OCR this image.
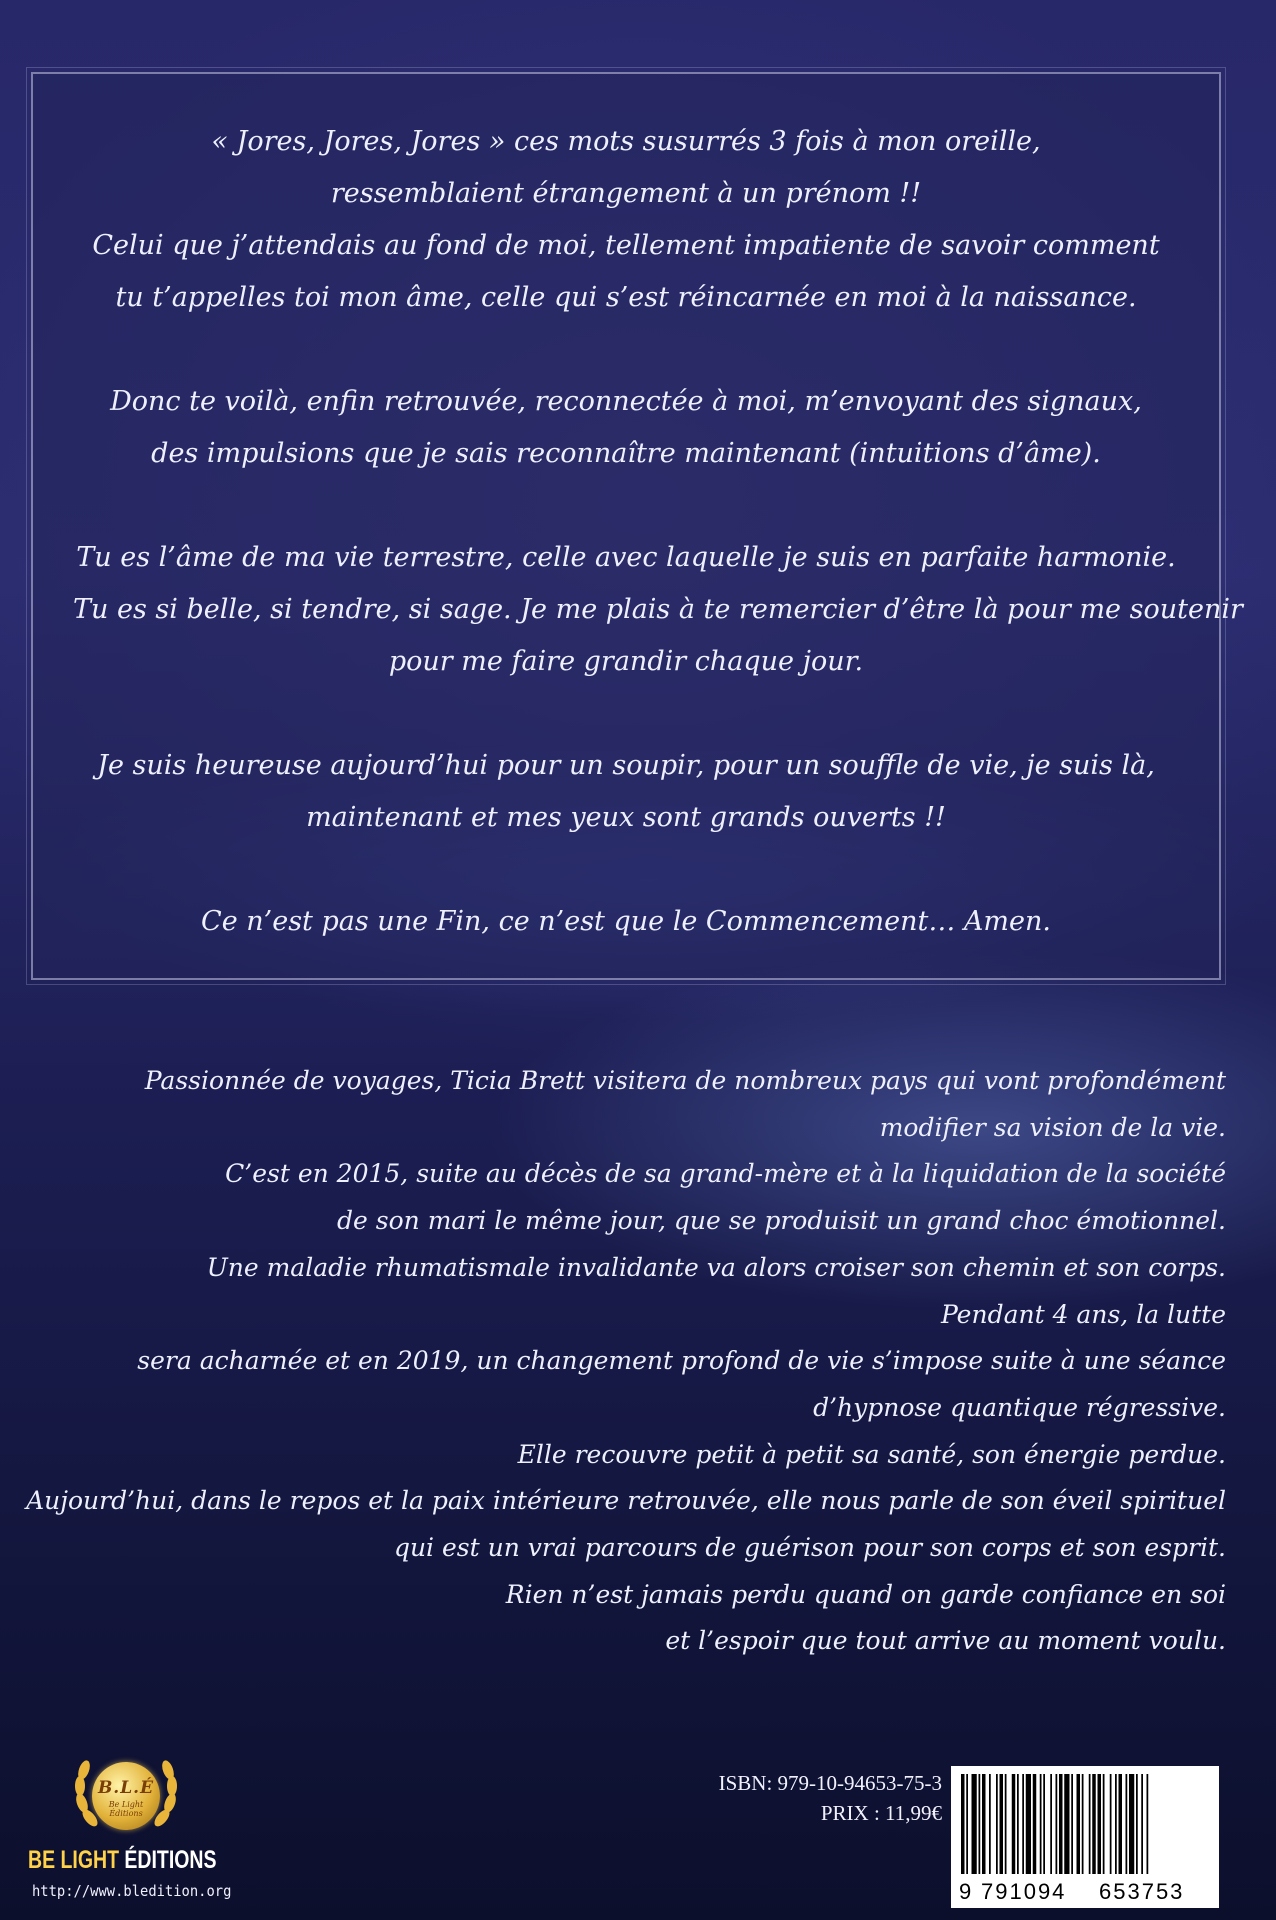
« Jores, Jores, Jores » ces mots susurrés 3 fois à mon oreille,
ressemblaient étrangement à un prénom !!
Celui que j’attendais au fond de moi, tellement impatiente de savoir comment
tu t’appelles toi mon âme, celle qui s’est réincarnée en moi à la naissance.

Donc te voilà, enfin retrouvée, reconnectée à moi, m’envoyant des signaux,
des impulsions que je sais reconnaître maintenant (intuitions d’âme).

Tu es l’âme de ma vie terrestre, celle avec laquelle je suis en parfaite harmonie.
Tu es si belle, si tendre, si sage. Je me plais à te remercier d’être là pour me soutenir
pour me faire grandir chaque jour.

Je suis heureuse aujourd’hui pour un soupir, pour un souffle de vie, je suis là,
maintenant et mes yeux sont grands ouverts !!

Ce n’est pas une Fin, ce n’est que le Commencement… Amen.

Passionnée de voyages, Ticia Brett visitera de nombreux pays qui vont profondément
modifier sa vision de la vie.
C’est en 2015, suite au décès de sa grand-mère et à la liquidation de la société
de son mari le même jour, que se produisit un grand choc émotionnel.
Une maladie rhumatismale invalidante va alors croiser son chemin et son corps.
Pendant 4 ans, la lutte
sera acharnée et en 2019, un changement profond de vie s’impose suite à une séance
d’hypnose quantique régressive.
Elle recouvre petit à petit sa santé, son énergie perdue.
Aujourd’hui, dans le repos et la paix intérieure retrouvée, elle nous parle de son éveil spirituel
qui est un vrai parcours de guérison pour son corps et son esprit.
Rien n’est jamais perdu quand on garde confiance en soi
et l’espoir que tout arrive au moment voulu.
B.L.É
Be Light Éditions
BE LIGHT ÉDITIONS
http://www.bledition.org
ISBN: 979-10-94653-75-3
PRIX : 11,99€
9 791094 653753
